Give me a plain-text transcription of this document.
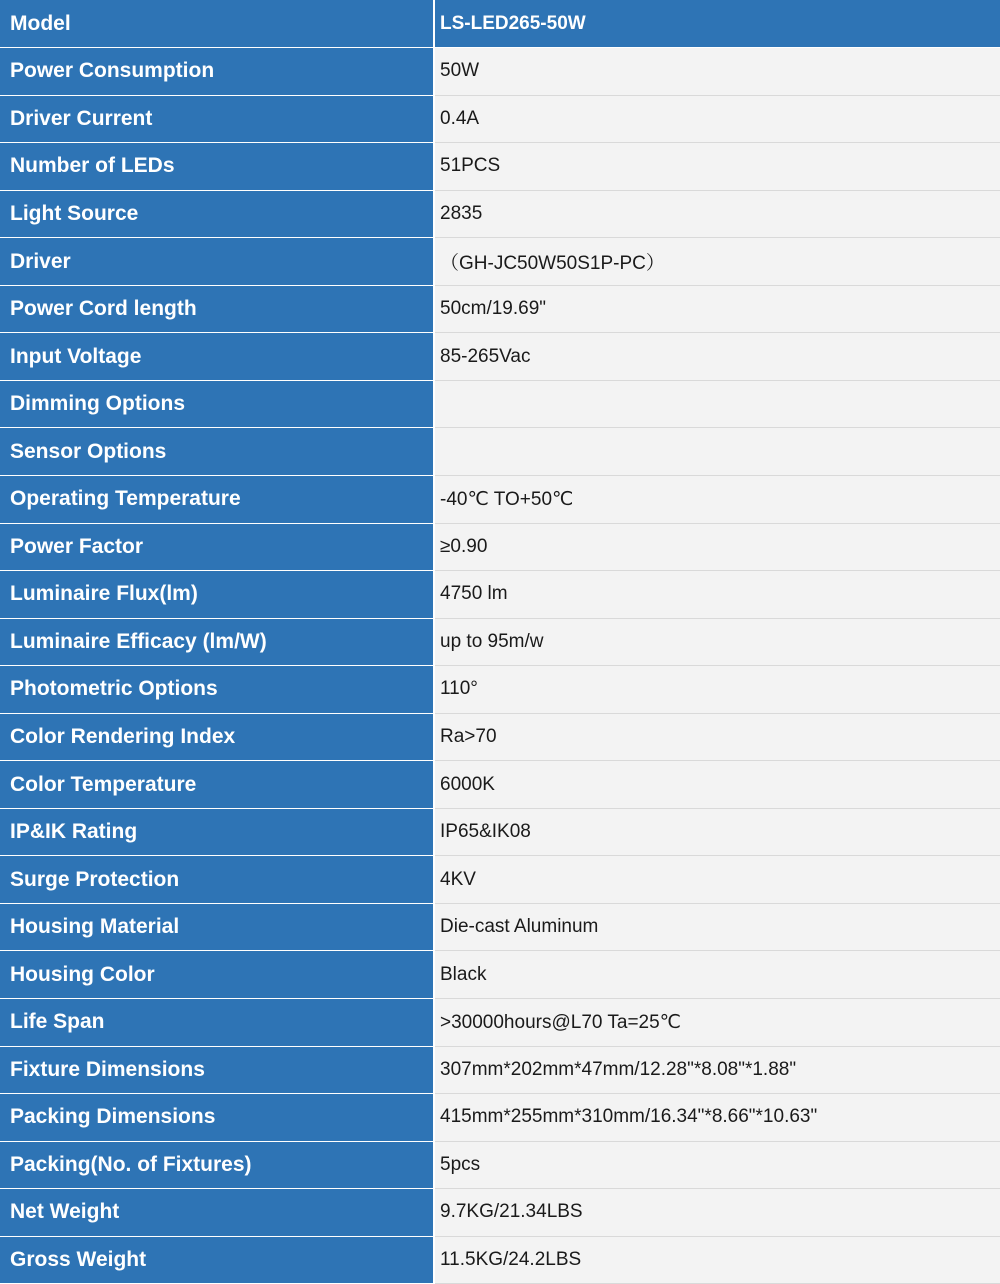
Model	LS-LED265-50W
Power Consumption	50W
Driver Current	0.4A
Number of LEDs	51PCS
Light Source	2835
Driver	（GH-JC50W50S1P-PC）
Power Cord length	50cm/19.69"
Input Voltage	85-265Vac
Dimming Options	
Sensor Options	
Operating Temperature	-40℃ TO+50℃
Power Factor	≥0.90
Luminaire Flux(lm)	4750 lm
Luminaire Efficacy (lm/W)	up to 95m/w
Photometric Options	110°
Color Rendering Index	Ra>70
Color Temperature	6000K
IP&IK Rating	IP65&IK08
Surge Protection	4KV
Housing Material	Die-cast Aluminum
Housing Color	Black
Life Span	>30000hours@L70 Ta=25℃
Fixture Dimensions	307mm*202mm*47mm/12.28"*8.08"*1.88"
Packing Dimensions	415mm*255mm*310mm/16.34"*8.66"*10.63"
Packing(No. of Fixtures)	5pcs
Net Weight	9.7KG/21.34LBS
Gross Weight	11.5KG/24.2LBS
